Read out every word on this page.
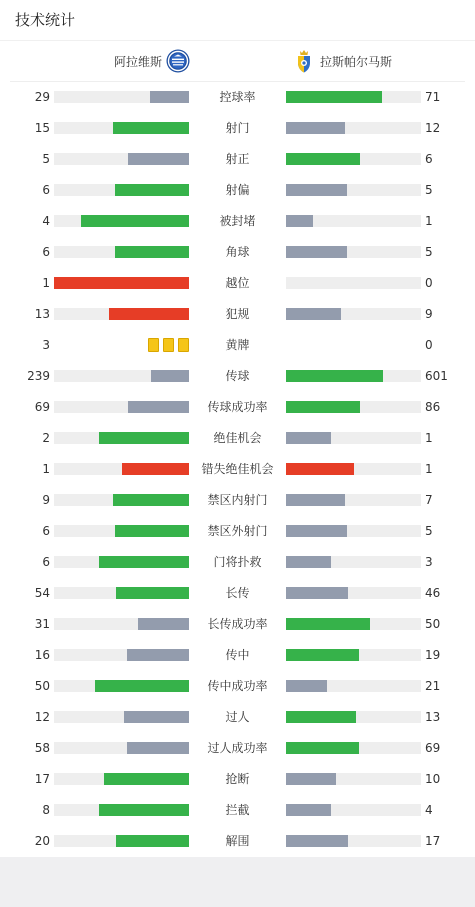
技术统计
阿拉维斯	拉斯帕尔马斯
29	控球率	71
15	射门	12
5	射正	6
6	射偏	5
4	被封堵	1
6	角球	5
1	越位	0
13	犯规	9
3	黄牌	0
239	传球	601
69	传球成功率	86
2	绝佳机会	1
1	错失绝佳机会	1
9	禁区内射门	7
6	禁区外射门	5
6	门将扑救	3
54	长传	46
31	长传成功率	50
16	传中	19
50	传中成功率	21
12	过人	13
58	过人成功率	69
17	抢断	10
8	拦截	4
20	解围	17
